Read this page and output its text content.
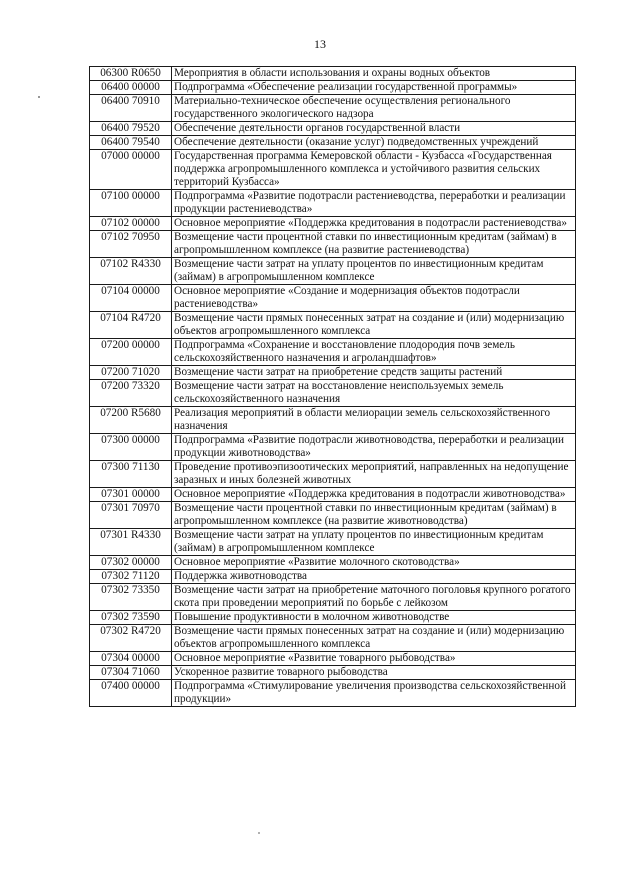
13
06300 R0650	Мероприятия в области использования и охраны водных объектов
06400 00000	Подпрограмма «Обеспечение реализации государственной программы»
06400 70910	Материально-техническое обеспечение осуществления регионального государственного экологического надзора
06400 79520	Обеспечение деятельности органов государственной власти
06400 79540	Обеспечение деятельности (оказание услуг) подведомственных учреждений
07000 00000	Государственная программа Кемеровской области - Кузбасса «Государственная поддержка агропромышленного комплекса и устойчивого развития сельских территорий Кузбасса»
07100 00000	Подпрограмма «Развитие подотрасли растениеводства, переработки и реализации продукции растениеводства»
07102 00000	Основное мероприятие «Поддержка кредитования в подотрасли растениеводства»
07102 70950	Возмещение части процентной ставки по инвестиционным кредитам (займам) в агропромышленном комплексе (на развитие растениеводства)
07102 R4330	Возмещение части затрат на уплату процентов по инвестиционным кредитам (займам) в агропромышленном комплексе
07104 00000	Основное мероприятие «Создание и модернизация объектов подотрасли растениеводства»
07104 R4720	Возмещение части прямых понесенных затрат на создание и (или) модернизацию объектов агропромышленного комплекса
07200 00000	Подпрограмма «Сохранение и восстановление плодородия почв земель сельскохозяйственного назначения и агроландшафтов»
07200 71020	Возмещение части затрат на приобретение средств защиты растений
07200 73320	Возмещение части затрат на восстановление неиспользуемых земель сельскохозяйственного назначения
07200 R5680	Реализация мероприятий в области мелиорации земель сельскохозяйственного назначения
07300 00000	Подпрограмма «Развитие подотрасли животноводства, переработки и реализации продукции животноводства»
07300 71130	Проведение противоэпизоотических мероприятий, направленных на недопущение заразных и иных болезней животных
07301 00000	Основное мероприятие «Поддержка кредитования в подотрасли животноводства»
07301 70970	Возмещение части процентной ставки по инвестиционным кредитам (займам) в агропромышленном комплексе (на развитие животноводства)
07301 R4330	Возмещение части затрат на уплату процентов по инвестиционным кредитам (займам) в агропромышленном комплексе
07302 00000	Основное мероприятие «Развитие молочного скотоводства»
07302 71120	Поддержка животноводства
07302 73350	Возмещение части затрат на приобретение маточного поголовья крупного рогатого скота при проведении мероприятий по борьбе с лейкозом
07302 73590	Повышение продуктивности в молочном животноводстве
07302 R4720	Возмещение части прямых понесенных затрат на создание и (или) модернизацию объектов агропромышленного комплекса
07304 00000	Основное мероприятие «Развитие товарного рыбоводства»
07304 71060	Ускоренное развитие товарного рыбоводства
07400 00000	Подпрограмма «Стимулирование увеличения производства сельскохозяйственной продукции»
